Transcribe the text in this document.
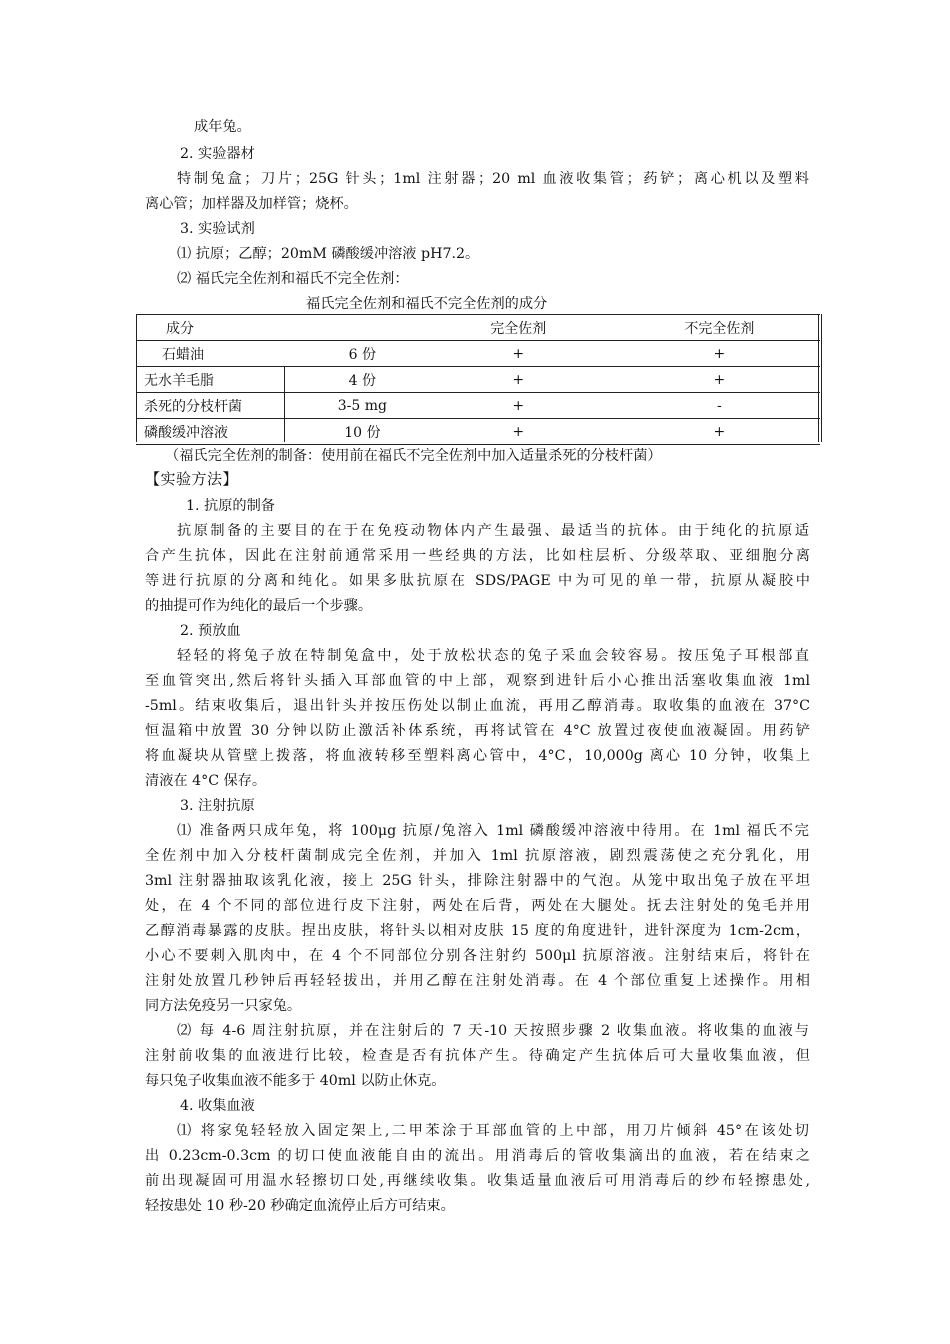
成年兔。
2. 实验器材
特制兔盒；刀片；25G 针头；1ml 注射器；20 ml 血液收集管；药铲；离心机以及塑料
离心管；加样器及加样管；烧杯。
3. 实验试剂
⑴ 抗原；乙醇；20mM 磷酸缓冲溶液 pH7.2。
⑵ 福氏完全佐剂和福氏不完全佐剂：
福氏完全佐剂和福氏不完全佐剂的成分
成分		完全佐剂	不完全佐剂
石蜡油	6 份	+	+
无水羊毛脂	4 份	+	+
杀死的分枝杆菌	3-5 mg	+	-
磷酸缓冲溶液	10 份	+	+
（福氏完全佐剂的制备：使用前在福氏不完全佐剂中加入适量杀死的分枝杆菌）
【实验方法】
1. 抗原的制备
抗原制备的主要目的在于在免疫动物体内产生最强、最适当的抗体。由于纯化的抗原适
合产生抗体，因此在注射前通常采用一些经典的方法，比如柱层析、分级萃取、亚细胞分离
等进行抗原的分离和纯化。如果多肽抗原在 SDS/PAGE 中为可见的单一带，抗原从凝胶中
的抽提可作为纯化的最后一个步骤。
2. 预放血
轻轻的将兔子放在特制兔盒中，处于放松状态的兔子采血会较容易。按压兔子耳根部直
至血管突出,然后将针头插入耳部血管的中上部，观察到进针后小心推出活塞收集血液 1ml
-5ml。结束收集后，退出针头并按压伤处以制止血流，再用乙醇消毒。取收集的血液在 37°C
恒温箱中放置 30 分钟以防止激活补体系统，再将试管在 4°C 放置过夜使血液凝固。用药铲
将血凝块从管壁上拨落，将血液转移至塑料离心管中，4°C，10,000g 离心 10 分钟，收集上
清液在 4°C 保存。
3. 注射抗原
⑴ 准备两只成年兔，将 100μg 抗原/兔溶入 1ml 磷酸缓冲溶液中待用。在 1ml 福氏不完
全佐剂中加入分枝杆菌制成完全佐剂，并加入 1ml 抗原溶液，剧烈震荡使之充分乳化，用
3ml 注射器抽取该乳化液，接上 25G 针头，排除注射器中的气泡。从笼中取出兔子放在平坦
处，在 4 个不同的部位进行皮下注射，两处在后背，两处在大腿处。抚去注射处的兔毛并用
乙醇消毒暴露的皮肤。捏出皮肤，将针头以相对皮肤 15 度的角度进针，进针深度为 1cm-2cm，
小心不要刺入肌肉中，在 4 个不同部位分别各注射约 500μl 抗原溶液。注射结束后，将针在
注射处放置几秒钟后再轻轻拔出，并用乙醇在注射处消毒。在 4 个部位重复上述操作。用相
同方法免疫另一只家兔。
⑵ 每 4-6 周注射抗原，并在注射后的 7 天-10 天按照步骤 2 收集血液。将收集的血液与
注射前收集的血液进行比较，检查是否有抗体产生。待确定产生抗体后可大量收集血液，但
每只兔子收集血液不能多于 40ml 以防止休克。
4. 收集血液
⑴ 将家兔轻轻放入固定架上,二甲苯涂于耳部血管的上中部，用刀片倾斜 45°在该处切
出 0.23cm-0.3cm 的切口使血液能自由的流出。用消毒后的管收集滴出的血液，若在结束之
前出现凝固可用温水轻擦切口处,再继续收集。收集适量血液后可用消毒后的纱布轻擦患处,
轻按患处 10 秒-20 秒确定血流停止后方可结束。
